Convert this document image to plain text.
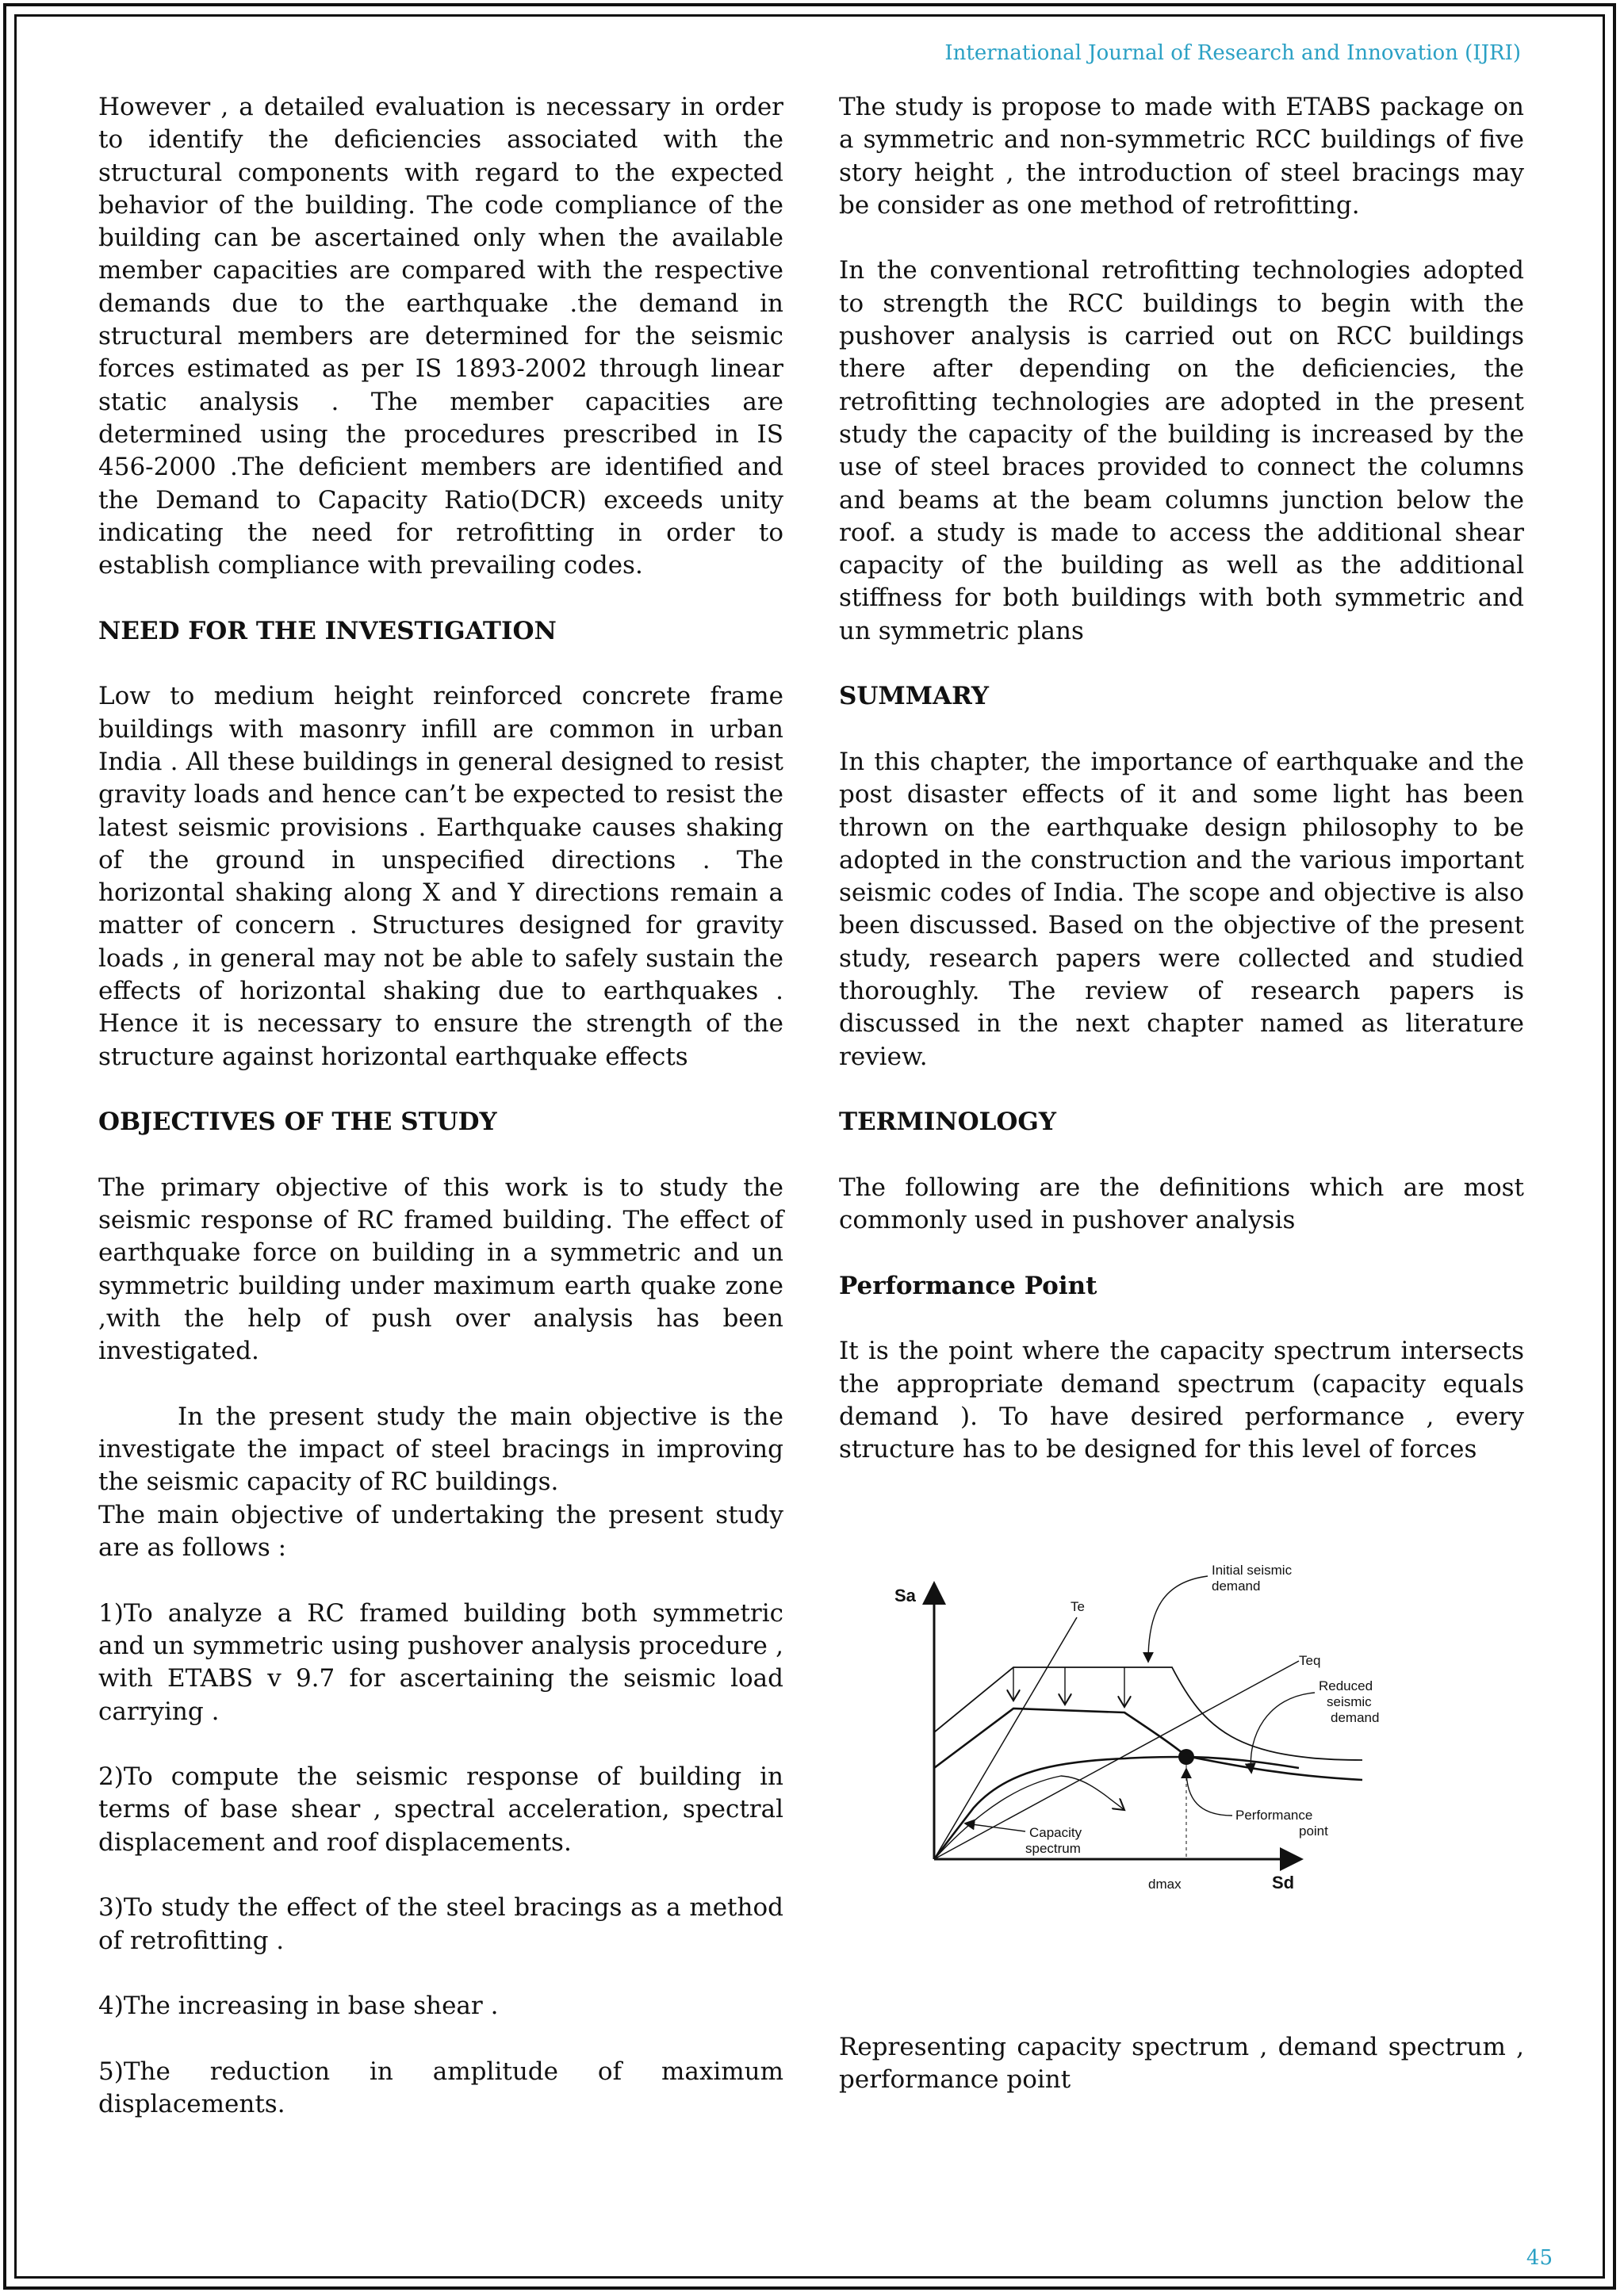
International Journal of Research and Innovation (IJRI)

However , a detailed evaluation is necessary in order to identify the deficiencies associated with the structural components with regard to the expected behavior of the building. The code compliance of the building can be ascertained only when the available member capacities are compared with the respective demands due to the earthquake .the demand in structural members are determined for the seismic forces estimated as per IS 1893-2002 through linear static analysis . The member capacities are determined using the procedures prescribed in IS 456-2000 .The deficient members are identified and the Demand to Capacity Ratio(DCR) exceeds unity indicating the need for retrofitting in order to establish compliance with prevailing codes.

NEED FOR THE INVESTIGATION

Low to medium height reinforced concrete frame buildings with masonry infill are common in urban India . All these buildings in general designed to resist gravity loads and hence can’t be expected to resist the latest seismic provisions . Earthquake causes shaking of the ground in unspecified directions . The horizontal shaking along X and Y directions remain a matter of concern . Structures designed for gravity loads , in general may not be able to safely sustain the effects of horizontal shaking due to earthquakes . Hence it is necessary to ensure the strength of the structure against horizontal earthquake effects

OBJECTIVES OF THE STUDY

The primary objective of this work is to study the seismic response of RC framed building. The effect of earthquake force on building in a symmetric and un symmetric building under maximum earth quake zone ,with the help of push over analysis has been investigated.

In the present study the main objective is the investigate the impact of steel bracings in improving the seismic capacity of RC buildings.

The main objective of undertaking the present study are as follows :

1)To analyze a RC framed building both symmetric and un symmetric using pushover analysis procedure , with ETABS v 9.7 for ascertaining the seismic load carrying .

2)To compute the seismic response of building in terms of base shear , spectral acceleration, spectral displacement and roof displacements.

3)To study the effect of the steel bracings as a method of retrofitting .

4)The increasing in base shear .

5)The reduction in amplitude of maximum displacements.

The study is propose to made with ETABS package on a symmetric and non-symmetric RCC buildings of five story height , the introduction of steel bracings may be consider as one method of retrofitting.

In the conventional retrofitting technologies adopted to strength the RCC buildings to begin with the pushover analysis is carried out on RCC buildings there after depending on the deficiencies, the retrofitting technologies are adopted in the present study the capacity of the building is increased by the use of steel braces provided to connect the columns and beams at the beam columns junction below the roof. a study is made to access the additional shear capacity of the building as well as the additional stiffness for both buildings with both symmetric and un symmetric plans

SUMMARY

In this chapter, the importance of earthquake and the post disaster effects of it and some light has been thrown on the earthquake design philosophy to be adopted in the construction and the various important seismic codes of India. The scope and objective is also been discussed. Based on the objective of the present study, research papers were collected and studied thoroughly. The review of research papers is discussed in the next chapter named as literature review.

TERMINOLOGY

The following are the definitions which are most commonly used in pushover analysis

Performance Point

It is the point where the capacity spectrum intersects the appropriate demand spectrum (capacity equals demand ). To have desired performance , every structure has to be designed for this level of forces

Sa
Sd
dmax
Te
Teq
Initial seismic
demand
Reduced
seismic
demand
Performance
point
Capacity
spectrum
Representing capacity spectrum , demand spectrum , performance point
45
